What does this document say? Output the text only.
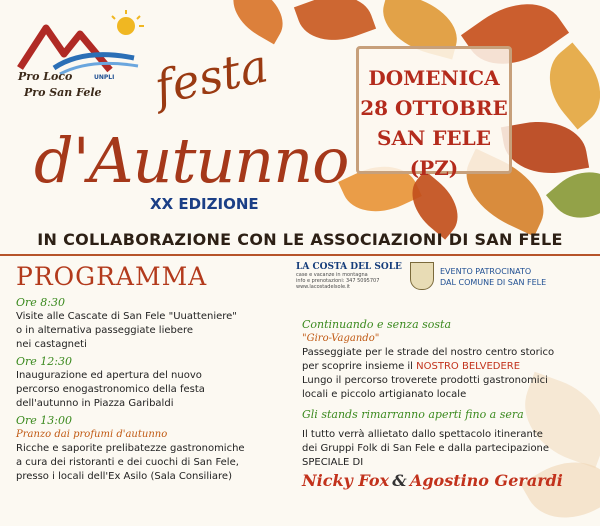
Pro Loco
Pro San Fele
UNPLI festa
d'Autunno
XX EDIZIONE
DOMENICA
28 OTTOBRE
SAN FELE (PZ)
IN COLLABORAZIONE CON LE ASSOCIAZIONI DI SAN FELE
PROGRAMMA	LA COSTA DEL SOLE
case e vacanze in montagna
info e prenotazioni: 347 5095707
www.lacostadelsole.it
EVENTO PATROCINATO
DAL COMUNE DI SAN FELE

Ore 8:30

Visite alle Cascate di San Fele "Uuatteniere"

o in alternativa passeggiate liebere

nei castagneti

Ore 12:30

Inaugurazione ed apertura del nuovo

percorso enogastronomico della festa

dell'autunno in Piazza Garibaldi

Ore 13:00

Pranzo dai profumi d'autunno

Ricche e saporite prelibatezze gastronomiche

a cura dei ristoranti e dei cuochi di San Fele,

presso i locali dell'Ex Asilo (Sala Consiliare)

Continuando e senza sosta

"Giro-Vagando"

Passeggiate per le strade del nostro centro storico

per scoprire insieme il NOSTRO BELVEDERE

Lungo il percorso troverete prodotti gastronomici

locali e piccolo artigianato locale

Gli stands rimarranno aperti fino a sera

Il tutto verrà allietato dallo spettacolo itinerante

dei Gruppi Folk di San Fele e dalla partecipazione

SPECIALE DI

Nicky Fox & Agostino Gerardi
